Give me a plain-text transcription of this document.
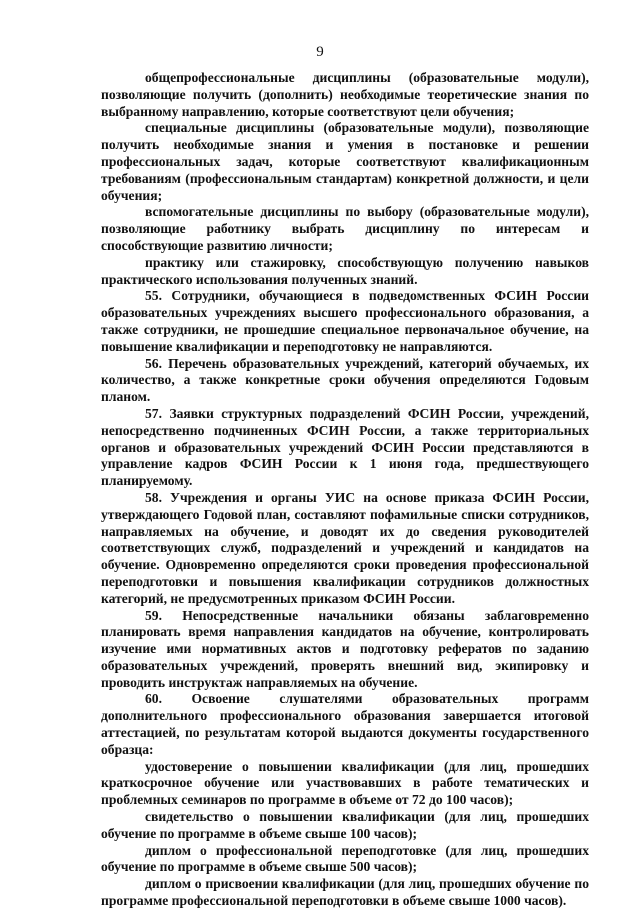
9

общепрофессиональные дисциплины (образовательные модули), позволяющие получить (дополнить) необходимые теоретические знания по выбранному направлению, которые соответствуют цели обучения;

специальные дисциплины (образовательные модули), позволяющие получить необходимые знания и умения в постановке и решении профессиональных задач, которые соответствуют квалификационным требованиям (профессиональным стандартам) конкретной должности, и цели обучения;

вспомогательные дисциплины по выбору (образовательные модули), позволяющие работнику выбрать дисциплину по интересам и способствующие развитию личности;

практику или стажировку, способствующую получению навыков практического использования полученных знаний.

55. Сотрудники, обучающиеся в подведомственных ФСИН России образовательных учреждениях высшего профессионального образования, а также сотрудники, не прошедшие специальное первоначальное обучение, на повышение квалификации и переподготовку не направляются.

56. Перечень образовательных учреждений, категорий обучаемых, их количество, а также конкретные сроки обучения определяются Годовым планом.

57. Заявки структурных подразделений ФСИН России, учреждений, непосредственно подчиненных ФСИН России, а также территориальных органов и образовательных учреждений ФСИН России представляются в управление кадров ФСИН России к 1 июня года, предшествующего планируемому.

58. Учреждения и органы УИС на основе приказа ФСИН России, утверждающего Годовой план, составляют пофамильные списки сотрудников, направляемых на обучение, и доводят их до сведения руководителей соответствующих служб, подразделений и учреждений и кандидатов на обучение. Одновременно определяются сроки проведения профессиональной переподготовки и повышения квалификации сотрудников должностных категорий, не предусмотренных приказом ФСИН России.

59. Непосредственные начальники обязаны заблаговременно планировать время направления кандидатов на обучение, контролировать изучение ими нормативных актов и подготовку рефератов по заданию образовательных учреждений, проверять внешний вид, экипировку и проводить инструктаж направляемых на обучение.

60. Освоение слушателями образовательных программ дополнительного профессионального образования завершается итоговой аттестацией, по результатам которой выдаются документы государственного образца:

удостоверение о повышении квалификации (для лиц, прошедших краткосрочное обучение или участвовавших в работе тематических и проблемных семинаров по программе в объеме от 72 до 100 часов);

свидетельство о повышении квалификации (для лиц, прошедших обучение по программе в объеме свыше 100 часов);

диплом о профессиональной переподготовке (для лиц, прошедших обучение по программе в объеме свыше 500 часов);

диплом о присвоении квалификации (для лиц, прошедших обучение по программе профессиональной переподготовки в объеме свыше 1000 часов).
